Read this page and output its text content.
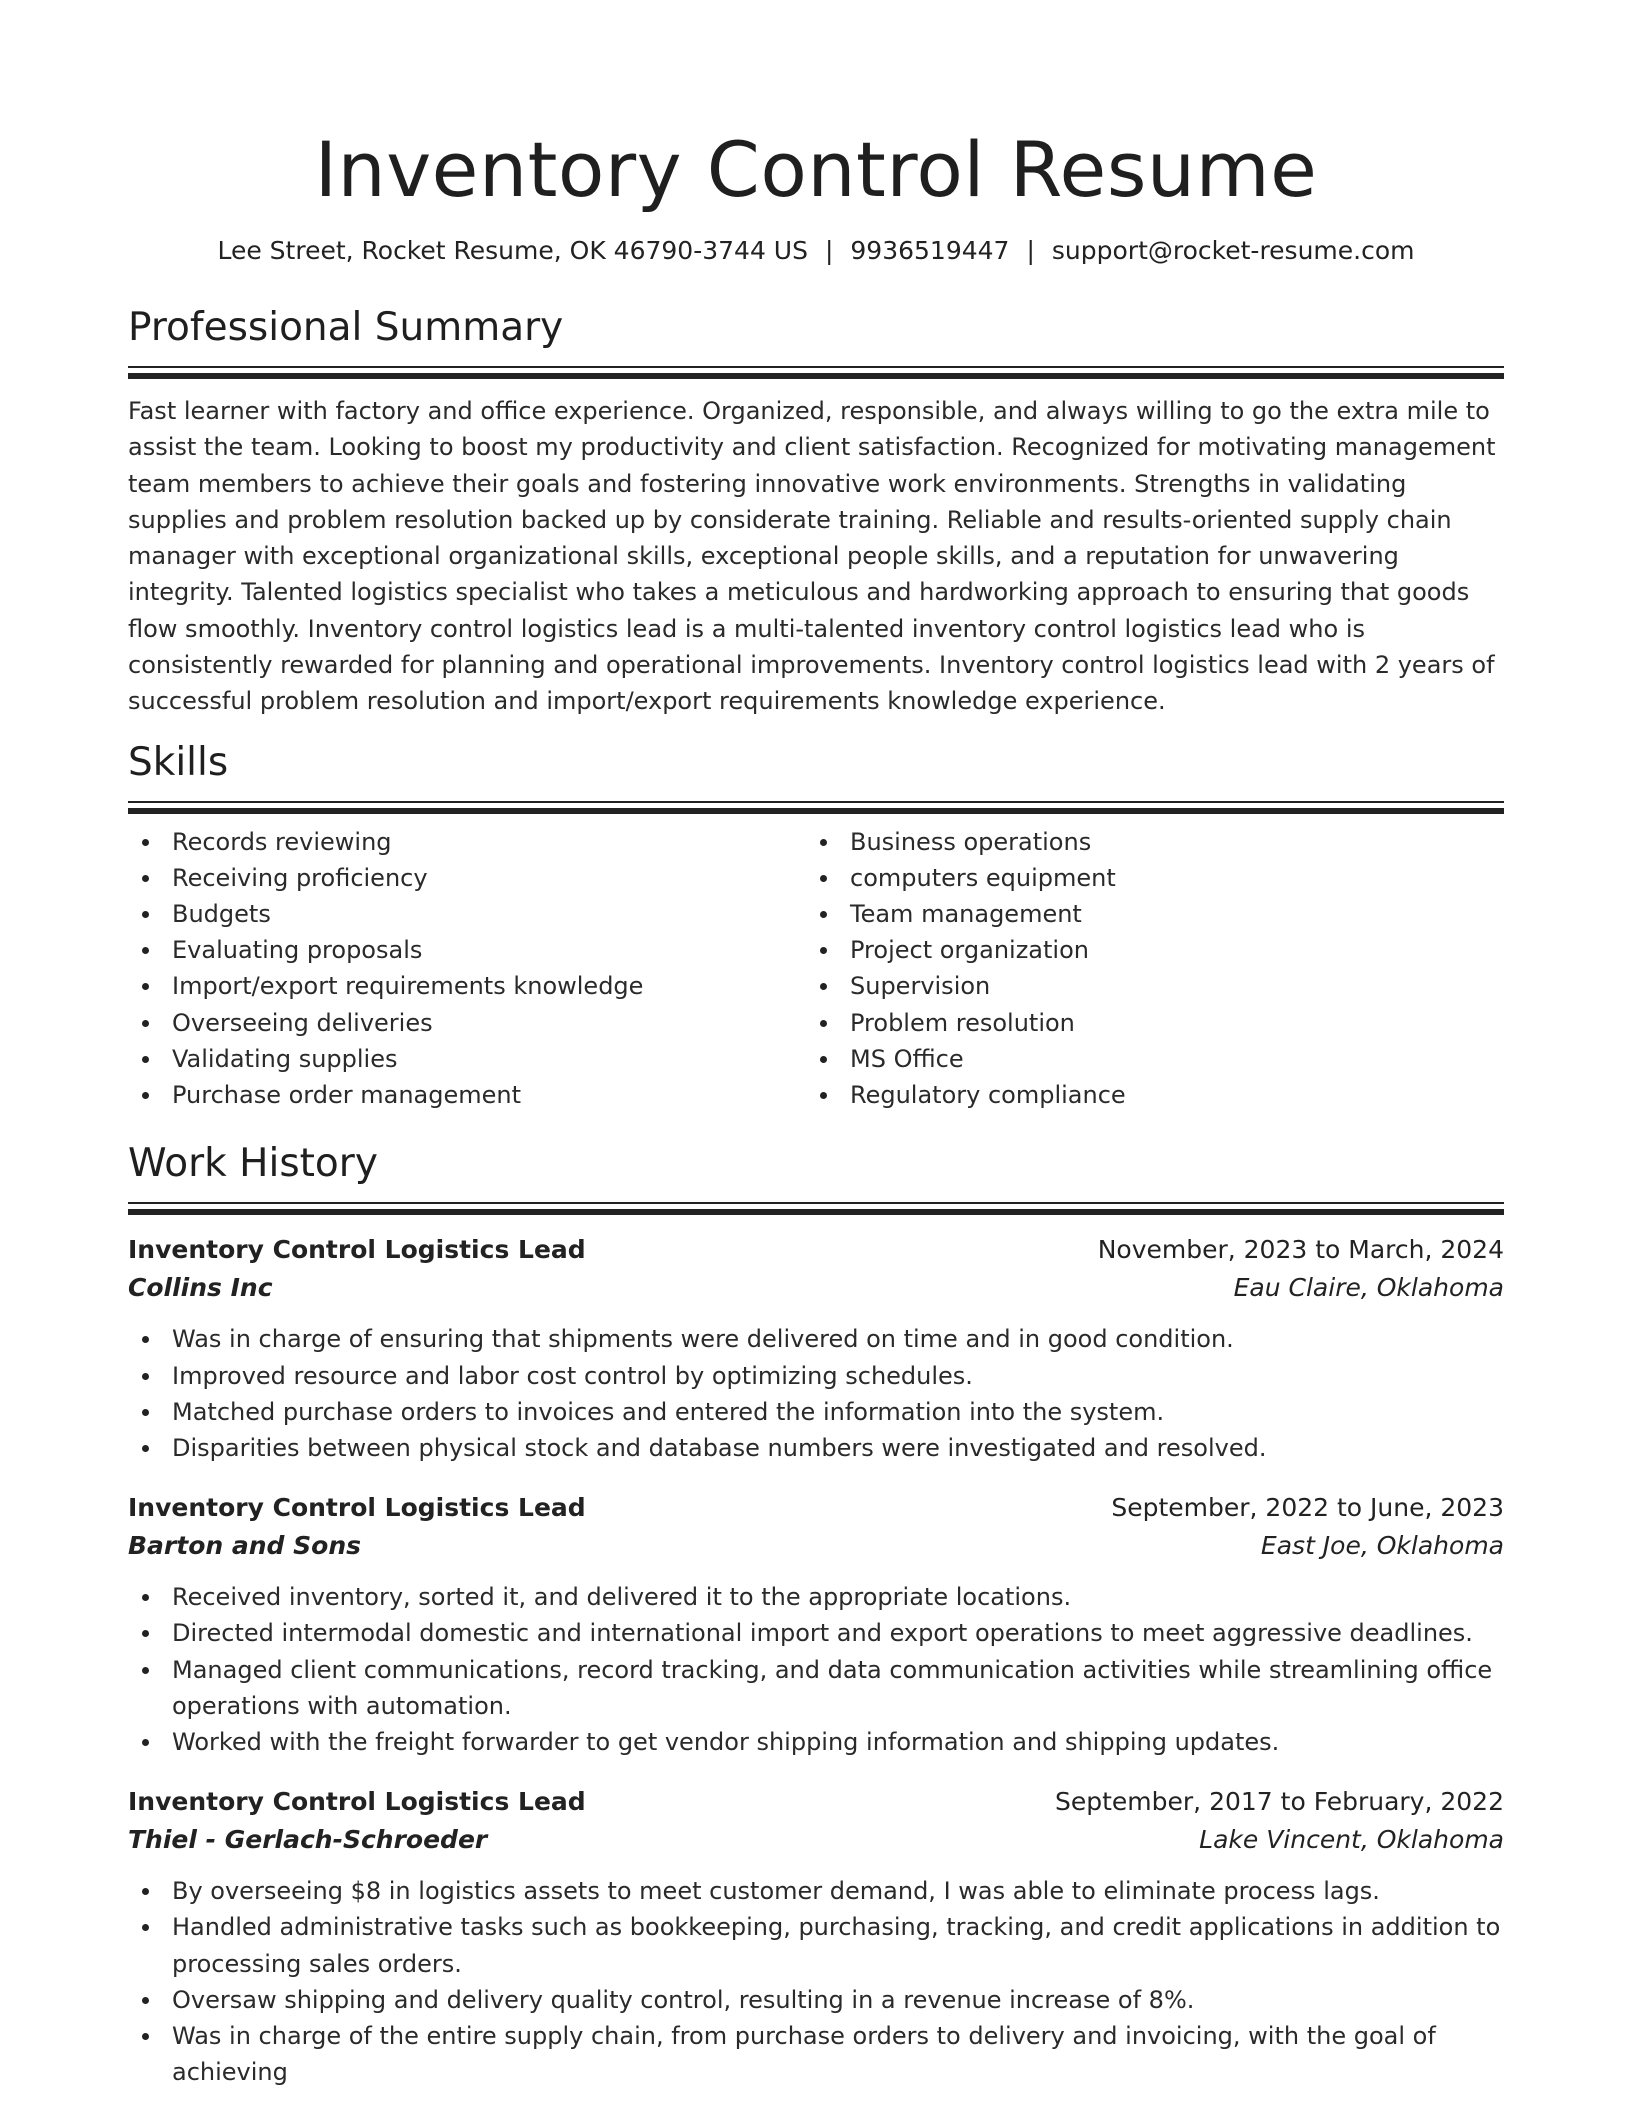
Inventory Control Resume
Lee Street, Rocket Resume, OK 46790-3744 US | 9936519447 | support@rocket-resume.com
Professional Summary

Fast learner with factory and office experience. Organized, responsible, and always willing to go the extra mile to assist the team. Looking to boost my productivity and client satisfaction. Recognized for motivating management team members to achieve their goals and fostering innovative work environments. Strengths in validating supplies and problem resolution backed up by considerate training. Reliable and results-oriented supply chain manager with exceptional organizational skills, exceptional people skills, and a reputation for unwavering integrity. Talented logistics specialist who takes a meticulous and hardworking approach to ensuring that goods flow smoothly. Inventory control logistics lead is a multi-talented inventory control logistics lead who is consistently rewarded for planning and operational improvements. Inventory control logistics lead with 2 years of successful problem resolution and import/export requirements knowledge experience.

Skills
Records reviewing
Receiving proficiency
Budgets
Evaluating proposals
Import/export requirements knowledge
Overseeing deliveries
Validating supplies
Purchase order management
Business operations
computers equipment
Team management
Project organization
Supervision
Problem resolution
MS Office
Regulatory compliance
Work History
Inventory Control Logistics Lead	November, 2023 to March, 2024
Collins Inc	Eau Claire, Oklahoma
Was in charge of ensuring that shipments were delivered on time and in good condition.
Improved resource and labor cost control by optimizing schedules.
Matched purchase orders to invoices and entered the information into the system.
Disparities between physical stock and database numbers were investigated and resolved.
Inventory Control Logistics Lead	September, 2022 to June, 2023
Barton and Sons	East Joe, Oklahoma
Received inventory, sorted it, and delivered it to the appropriate locations.
Directed intermodal domestic and international import and export operations to meet aggressive deadlines.
Managed client communications, record tracking, and data communication activities while streamlining office operations with automation.
Worked with the freight forwarder to get vendor shipping information and shipping updates.
Inventory Control Logistics Lead	September, 2017 to February, 2022
Thiel - Gerlach-Schroeder	Lake Vincent, Oklahoma
By overseeing $8 in logistics assets to meet customer demand, I was able to eliminate process lags.
Handled administrative tasks such as bookkeeping, purchasing, tracking, and credit applications in addition to processing sales orders.
Oversaw shipping and delivery quality control, resulting in a revenue increase of 8%.
Was in charge of the entire supply chain, from purchase orders to delivery and invoicing, with the goal of achieving
